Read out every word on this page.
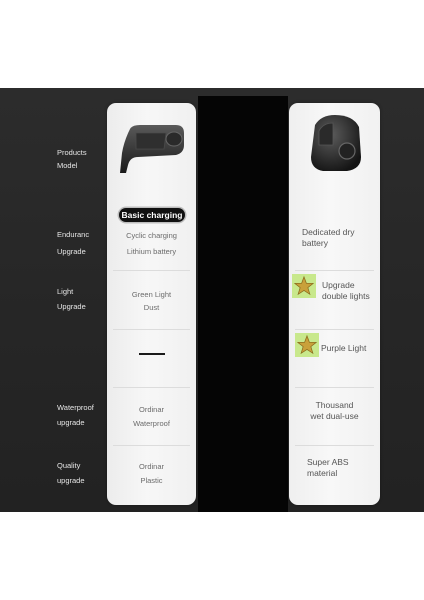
Products
Model
Enduranc
Upgrade
Light
Upgrade
Waterproof
upgrade
Quality
upgrade
Basic charging
Cyclic charging
Lithium battery
Green Light
Dust
Ordinar
Waterproof
Ordinar
Plastic
Dedicated dry
battery
Upgrade
double lights
Purple Light
Thousand
wet dual-use
Super ABS
material
